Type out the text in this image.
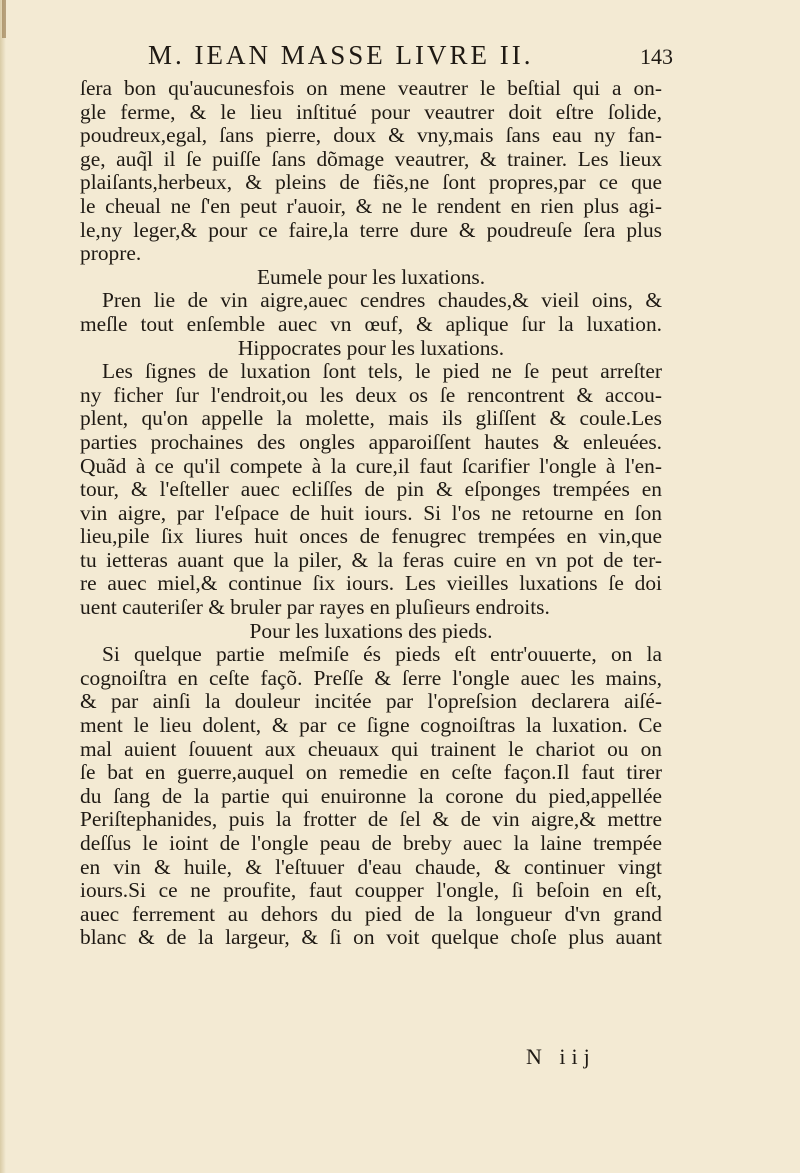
M. IEAN MASSE LIVRE II.	143
ſera bon qu'aucunesfois on mene veautrer le beſtial qui a on-
gle ferme, & le lieu inſtitué pour veautrer doit eſtre ſolide,
poudreux,egal, ſans pierre, doux & vny,mais ſans eau ny fan-
ge, auq̃l il ſe puiſſe ſans dõmage veautrer, & trainer. Les lieux
plaiſants,herbeux, & pleins de fiẽs,ne ſont propres,par ce que
le cheual ne ſ'en peut r'auoir, & ne le rendent en rien plus agi-
le,ny leger,& pour ce faire,la terre dure & poudreuſe ſera plus
propre.
Eumele pour les luxations.
Pren lie de vin aigre,auec cendres chaudes,& vieil oins, &
meſle tout enſemble auec vn œuf, & aplique ſur la luxation.
Hippocrates pour les luxations.
Les ſignes de luxation ſont tels, le pied ne ſe peut arreſter
ny ficher ſur l'endroit,ou les deux os ſe rencontrent & accou-
plent, qu'on appelle la molette, mais ils gliſſent & coule.Les
parties prochaines des ongles apparoiſſent hautes & enleuées.
Quãd à ce qu'il compete à la cure,il faut ſcarifier l'ongle à l'en-
tour, & l'eſteller auec ecliſſes de pin & eſponges trempées en
vin aigre, par l'eſpace de huit iours. Si l'os ne retourne en ſon
lieu,pile ſix liures huit onces de fenugrec trempées en vin,que
tu ietteras auant que la piler, & la feras cuire en vn pot de ter-
re auec miel,& continue ſix iours. Les vieilles luxations ſe doi
uent cauteriſer & bruler par rayes en pluſieurs endroits.
Pour les luxations des pieds.
Si quelque partie meſmiſe és pieds eſt entr'ouuerte, on la
cognoiſtra en ceſte façõ. Preſſe & ſerre l'ongle auec les mains,
& par ainſi la douleur incitée par l'opreſsion declarera aiſé-
ment le lieu dolent, & par ce ſigne cognoiſtras la luxation. Ce
mal auient ſouuent aux cheuaux qui trainent le chariot ou on
ſe bat en guerre,auquel on remedie en ceſte façon.Il faut tirer
du ſang de la partie qui enuironne la corone du pied,appellée
Periſtephanides, puis la frotter de ſel & de vin aigre,& mettre
deſſus le ioint de l'ongle peau de breby auec la laine trempée
en vin & huile, & l'eſtuuer d'eau chaude, & continuer vingt
iours.Si ce ne proufite, faut coupper l'ongle, ſi beſoin en eſt,
auec ferrement au dehors du pied de la longueur d'vn grand
blanc & de la largeur, & ſi on voit quelque choſe plus auant
N iij
